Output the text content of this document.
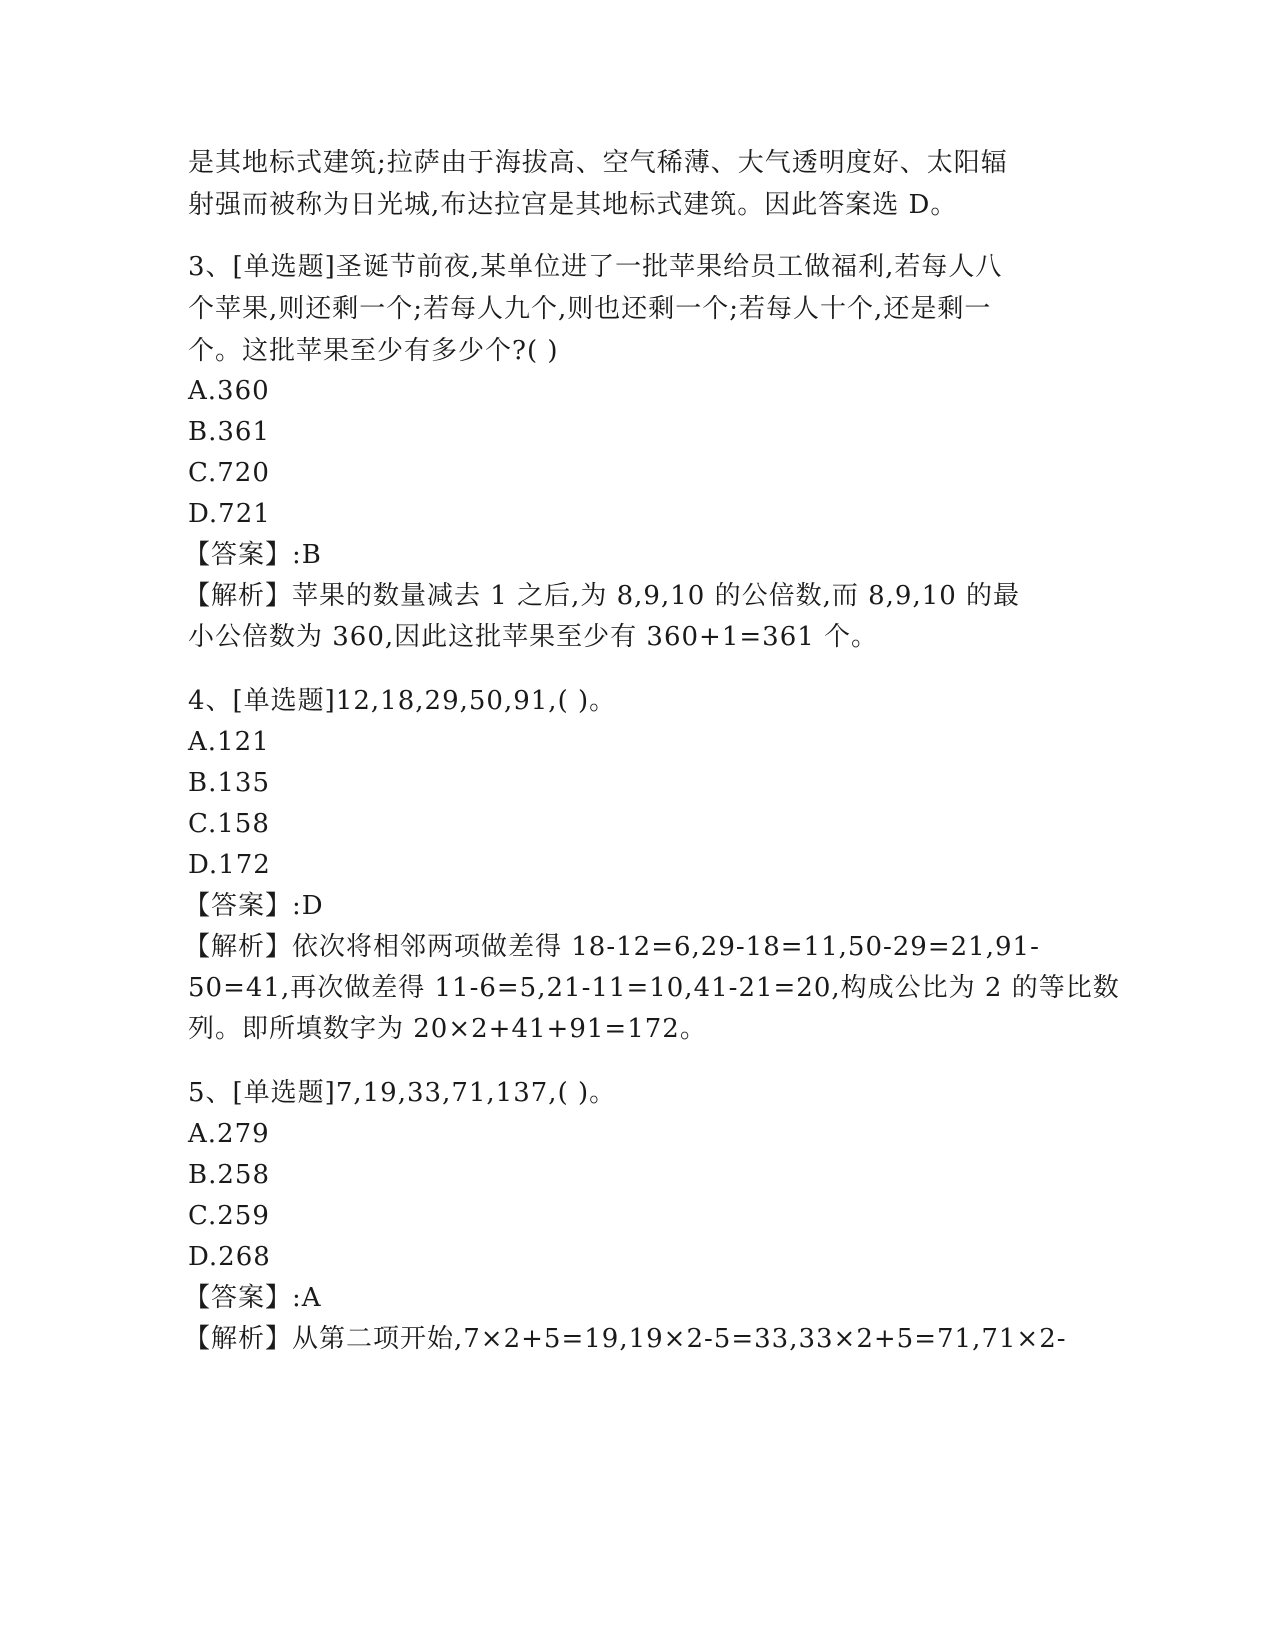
是其地标式建筑;拉萨由于海拔高、空气稀薄、大气透明度好、太阳辐
射强而被称为日光城,布达拉宫是其地标式建筑。因此答案选 D。
3、[单选题]圣诞节前夜,某单位进了一批苹果给员工做福利,若每人八
个苹果,则还剩一个;若每人九个,则也还剩一个;若每人十个,还是剩一
个。这批苹果至少有多少个?( )
A.360
B.361
C.720
D.721
【答案】:B
【解析】苹果的数量减去 1 之后,为 8,9,10 的公倍数,而 8,9,10 的最
小公倍数为 360,因此这批苹果至少有 360+1=361 个。
4、[单选题]12,18,29,50,91,( )。
A.121
B.135
C.158
D.172
【答案】:D
【解析】依次将相邻两项做差得 18-12=6,29-18=11,50-29=21,91-
50=41,再次做差得 11-6=5,21-11=10,41-21=20,构成公比为 2 的等比数
列。即所填数字为 20×2+41+91=172。
5、[单选题]7,19,33,71,137,( )。
A.279
B.258
C.259
D.268
【答案】:A
【解析】从第二项开始,7×2+5=19,19×2-5=33,33×2+5=71,71×2-
